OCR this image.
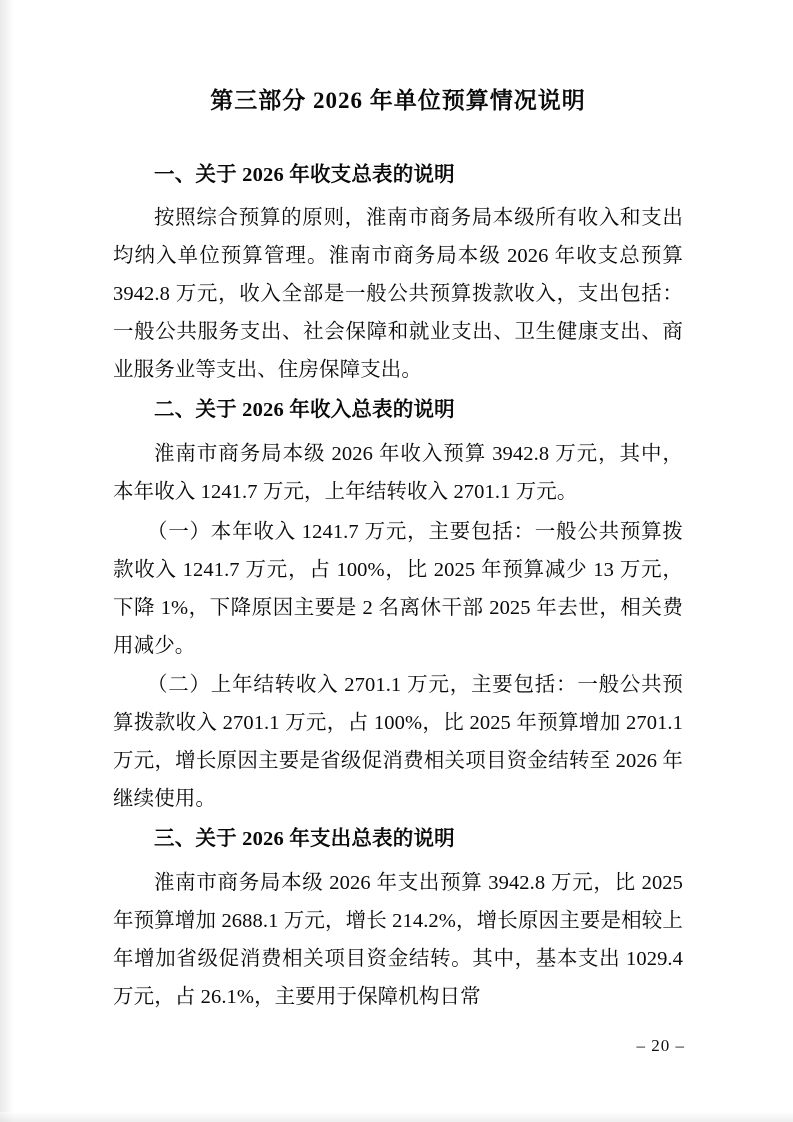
第三部分 2026 年单位预算情况说明
一、关于 2026 年收支总表的说明

按照综合预算的原则，淮南市商务局本级所有收入和支出均纳入单位预算管理。淮南市商务局本级 2026 年收支总预算 3942.8 万元，收入全部是一般公共预算拨款收入，支出包括：一般公共服务支出、社会保障和就业支出、卫生健康支出、商业服务业等支出、住房保障支出。

二、关于 2026 年收入总表的说明

淮南市商务局本级 2026 年收入预算 3942.8 万元，其中，本年收入 1241.7 万元，上年结转收入 2701.1 万元。

（一）本年收入 1241.7 万元，主要包括：一般公共预算拨款收入 1241.7 万元，占 100%，比 2025 年预算减少 13 万元，下降 1%，下降原因主要是 2 名离休干部 2025 年去世，相关费用减少。

（二）上年结转收入 2701.1 万元，主要包括：一般公共预算拨款收入 2701.1 万元，占 100%，比 2025 年预算增加 2701.1 万元，增长原因主要是省级促消费相关项目资金结转至 2026 年继续使用。

三、关于 2026 年支出总表的说明

淮南市商务局本级 2026 年支出预算 3942.8 万元，比 2025 年预算增加 2688.1 万元，增长 214.2%，增长原因主要是相较上年增加省级促消费相关项目资金结转。其中，基本支出 1029.4 万元，占 26.1%，主要用于保障机构日常

– 20 –
